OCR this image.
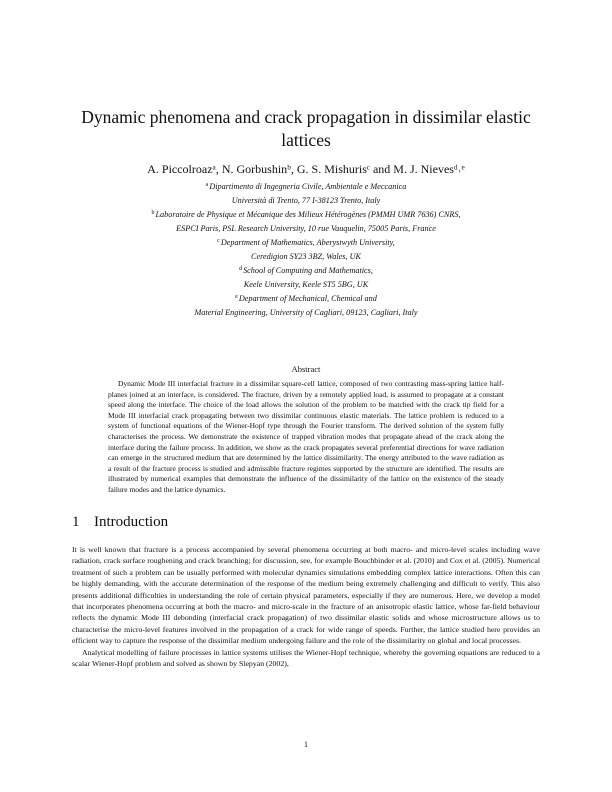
Dynamic phenomena and crack propagation in dissimilar elastic lattices
A. Piccolroazᵃ, N. Gorbushinᵇ, G. S. Mishurisᶜ and M. J. Nievesᵈ˒ᵉ
$^a$Dipartimento di Ingegneria Civile, Ambientale e Meccanica
Università di Trento, 77 I-38123 Trento, Italy
$^b$Laboratoire de Physique et Mécanique des Milieux Hétérogènes (PMMH UMR 7636) CNRS,
ESPCI Paris, PSL Research University, 10 rue Vauquelin, 75005 Paris, France
$^c$Department of Mathematics, Aberystwyth University,
Ceredigion SY23 3BZ, Wales, UK
$^d$School of Computing and Mathematics,
Keele University, Keele ST5 5BG, UK
$^e$Department of Mechanical, Chemical and
Material Engineering, University of Cagliari, 09123, Cagliari, Italy
Abstract
Dynamic Mode III interfacial fracture in a dissimilar square-cell lattice, composed of two contrasting mass-spring lattice half-planes joined at an interface, is considered. The fracture, driven by a remotely applied load, is assumed to propagate at a constant speed along the interface. The choice of the load allows the solution of the problem to be matched with the crack tip field for a Mode III interfacial crack propagating between two dissimilar continuous elastic materials. The lattice problem is reduced to a system of functional equations of the Wiener-Hopf type through the Fourier transform. The derived solution of the system fully characterises the process. We demonstrate the existence of trapped vibration modes that propagate ahead of the crack along the interface during the failure process. In addition, we show as the crack propagates several preferential directions for wave radiation can emerge in the structured medium that are determined by the lattice dissimilarity. The energy attributed to the wave radiation as a result of the fracture process is studied and admissible fracture regimes supported by the structure are identified. The results are illustrated by numerical examples that demonstrate the influence of the dissimilarity of the lattice on the existence of the steady failure modes and the lattice dynamics.
1 Introduction

It is well known that fracture is a process accompanied by several phenomena occurring at both macro- and micro-level scales including wave radiation, crack surface roughening and crack branching; for discussion, see, for example Bouchbinder et al. (2010) and Cox et al. (2005). Numerical treatment of such a problem can be usually performed with molecular dynamics simulations embedding complex lattice interactions. Often this can be highly demanding, with the accurate determination of the response of the medium being extremely challenging and difficult to verify. This also presents additional difficulties in understanding the role of certain physical parameters, especially if they are numerous. Here, we develop a model that incorporates phenomena occurring at both the macro- and micro-scale in the fracture of an anisotropic elastic lattice, whose far-field behaviour reflects the dynamic Mode III debonding (interfacial crack propagation) of two dissimilar elastic solids and whose microstructure allows us to characterise the micro-level features involved in the propagation of a crack for wide range of speeds. Further, the lattice studied here provides an efficient way to capture the response of the dissimilar medium undergoing failure and the role of the dissimilarity on global and local processes.

Analytical modelling of failure processes in lattice systems utilises the Wiener-Hopf technique, whereby the governing equations are reduced to a scalar Wiener-Hopf problem and solved as shown by Slepyan (2002),

1
